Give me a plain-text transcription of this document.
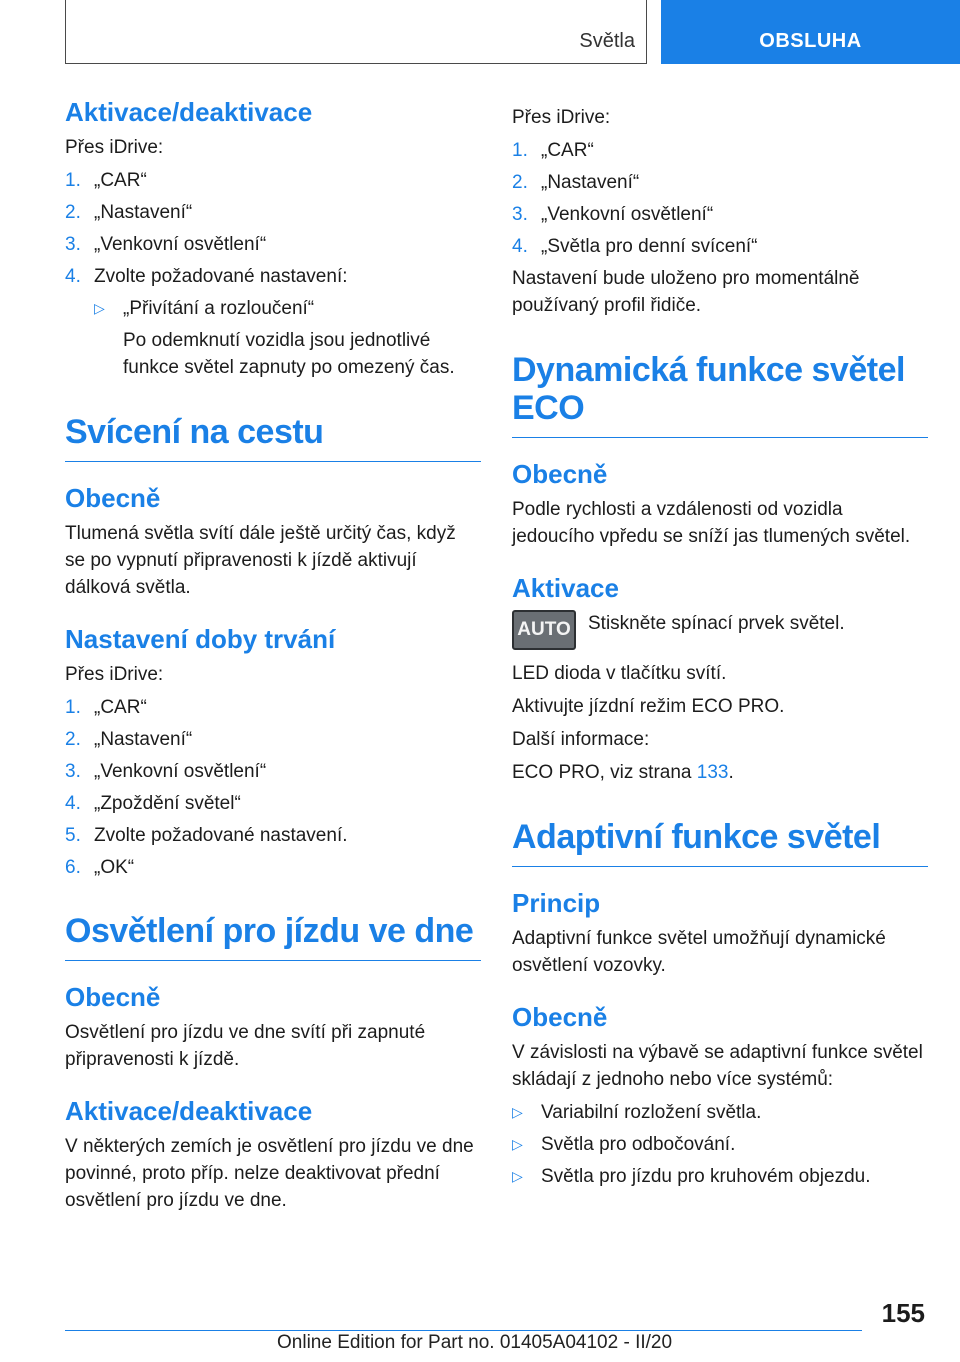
Světla	OBSLUHA
Aktivace/deaktivace
Přes iDrive:
1. „CAR“
2. „Nastavení“
3. „Venkovní osvětlení“
4. Zvolte požadované nastavení:
▷ „Přivítání a rozloučení“
Po odemknutí vozidla jsou jednotlivé funkce světel zapnuty po omezený čas.
Svícení na cestu
Obecně
Tlumená světla svítí dále ještě určitý čas, když se po vypnutí připravenosti k jízdě aktivují dálková světla.
Nastavení doby trvání
Přes iDrive:
1. „CAR“
2. „Nastavení“
3. „Venkovní osvětlení“
4. „Zpoždění světel“
5. Zvolte požadované nastavení.
6. „OK“
Osvětlení pro jízdu ve dne
Obecně
Osvětlení pro jízdu ve dne svítí při zapnuté připravenosti k jízdě.
Aktivace/deaktivace
V některých zemích je osvětlení pro jízdu ve dne povinné, proto příp. nelze deaktivovat přední osvětlení pro jízdu ve dne.
Přes iDrive:
1. „CAR“
2. „Nastavení“
3. „Venkovní osvětlení“
4. „Světla pro denní svícení“
Nastavení bude uloženo pro momentálně používaný profil řidiče.
Dynamická funkce světel ECO
Obecně
Podle rychlosti a vzdálenosti od vozidla jedoucího vpředu se sníží jas tlumených světel.
Aktivace
AUTO Stiskněte spínací prvek světel.
LED dioda v tlačítku svítí.
Aktivujte jízdní režim ECO PRO.
Další informace:
ECO PRO, viz strana 133.
Adaptivní funkce světel
Princip
Adaptivní funkce světel umožňují dynamické osvětlení vozovky.
Obecně
V závislosti na výbavě se adaptivní funkce světel skládají z jednoho nebo více systémů:
▷ Variabilní rozložení světla.
▷ Světla pro odbočování.
▷ Světla pro jízdu pro kruhovém objezdu.
155
Online Edition for Part no. 01405A04102 - II/20
